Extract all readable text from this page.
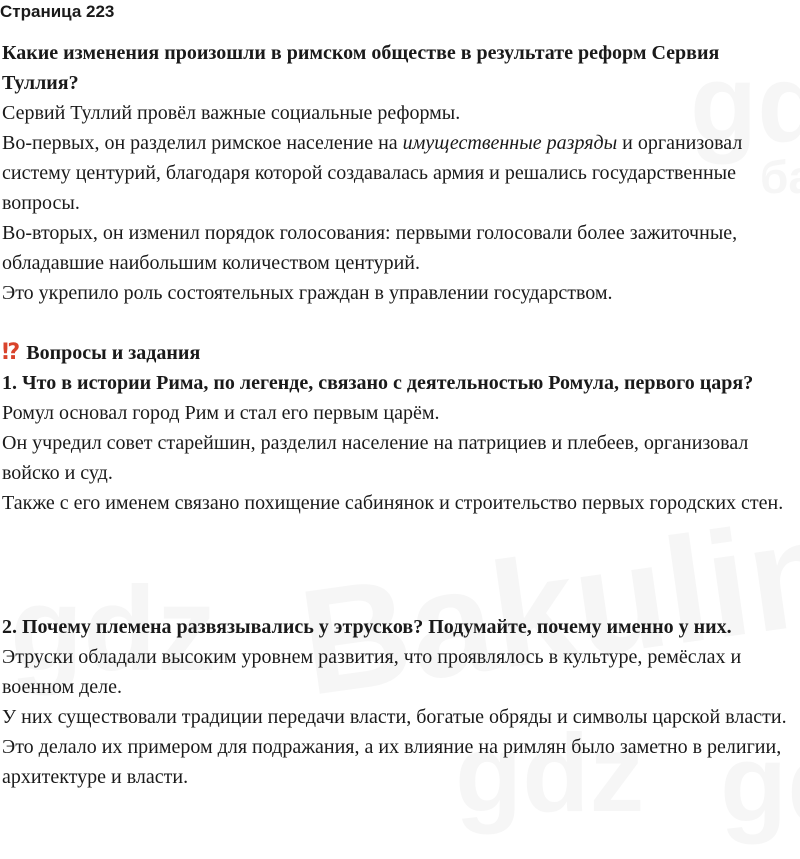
Страница 223

Какие изменения произошли в римском обществе в результате реформ Сервия Туллия?

Сервий Туллий провёл важные социальные реформы.

Во-первых, он разделил римское население на имущественные разряды и организовал систему центурий, благодаря которой создавалась армия и решались государственные вопросы.

Во-вторых, он изменил порядок голосования: первыми голосовали более зажиточные, обладавшие наибольшим количеством центурий.

Это укрепило роль состоятельных граждан в управлении государством.

⁉ Вопросы и задания

1. Что в истории Рима, по легенде, связано с деятельностью Ромула, первого царя?

Ромул основал город Рим и стал его первым царём.

Он учредил совет старейшин, разделил население на патрициев и плебеев, организовал войско и суд.

Также с его именем связано похищение сабинянок и строительство первых городских стен.

2. Почему племена развязывались у этрусков? Подумайте, почему именно у них.

Этруски обладали высоким уровнем развития, что проявлялось в культуре, ремёслах и военном деле.

У них существовали традиции передачи власти, богатые обряды и символы царской власти.

Это делало их примером для подражания, а их влияние на римлян было заметно в религии, архитектуре и власти.
